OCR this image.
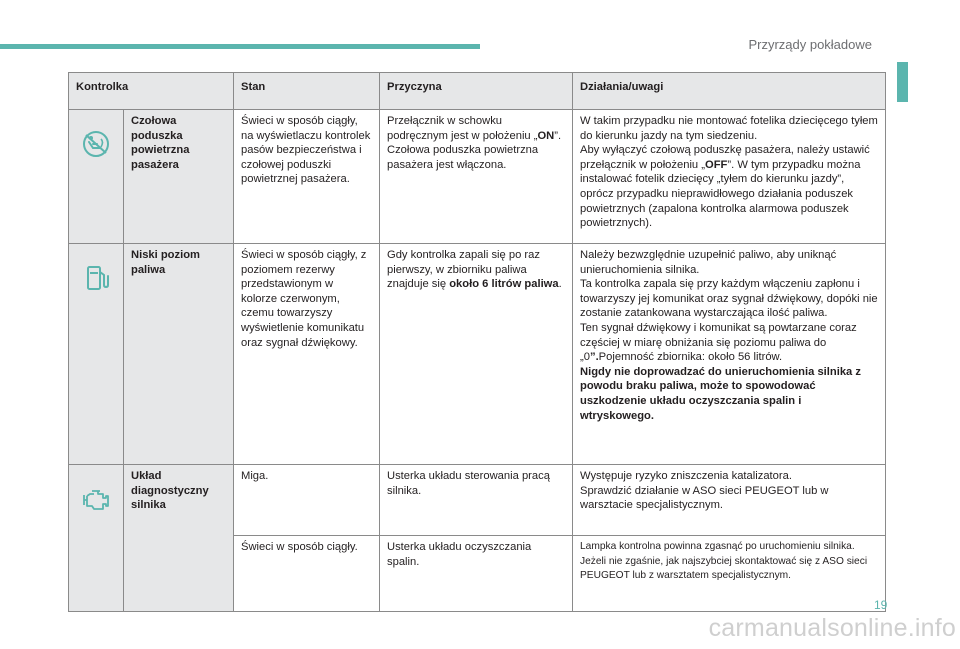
Przyrządy pokładowe
Kontrolka		Stan	Przyczyna	Działania/uwagi

	Czołowa poduszka powietrzna pasażera	Świeci w sposób ciągły, na wyświetlaczu kontrolek pasów bezpieczeństwa i czołowej poduszki powietrznej pasażera.	Przełącznik w schowku podręcznym jest w położeniu „ON”.
Czołowa poduszka powietrzna pasażera jest włączona.	W takim przypadku nie montować fotelika dziecięcego tyłem do kierunku jazdy na tym siedzeniu.
Aby wyłączyć czołową poduszkę pasażera, należy ustawić przełącznik w położeniu „OFF”. W tym przypadku można instalować fotelik dziecięcy „tyłem do kierunku jazdy”, oprócz przypadku nieprawidłowego działania poduszek powietrznych (zapalona kontrolka alarmowa poduszek powietrznych).

	Niski poziom paliwa	Świeci w sposób ciągły, z poziomem rezerwy przedstawionym w kolorze czerwonym, czemu towarzyszy wyświetlenie komunikatu oraz sygnał dźwiękowy.	Gdy kontrolka zapali się po raz pierwszy, w zbiorniku paliwa znajduje się około 6 litrów paliwa.	Należy bezwzględnie uzupełnić paliwo, aby uniknąć unieruchomienia silnika.
Ta kontrolka zapala się przy każdym włączeniu zapłonu i towarzyszy jej komunikat oraz sygnał dźwiękowy, dopóki nie zostanie zatankowana wystarczająca ilość paliwa.
Ten sygnał dźwiękowy i komunikat są powtarzane coraz częściej w miarę obniżania się poziomu paliwa do „0”.Pojemność zbiornika: około 56 litrów.
Nigdy nie doprowadzać do unieruchomienia silnika z powodu braku paliwa, może to spowodować uszkodzenie układu oczyszczania spalin i wtryskowego.

	Układ diagnostyczny silnika	Miga.	Usterka układu sterowania pracą silnika.	Występuje ryzyko zniszczenia katalizatora.
Sprawdzić działanie w ASO sieci PEUGEOT lub w warsztacie specjalistycznym.
		Świeci w sposób ciągły.	Usterka układu oczyszczania spalin.	Lampka kontrolna powinna zgasnąć po uruchomieniu silnika.
Jeżeli nie zgaśnie, jak najszybciej skontaktować się z ASO sieci PEUGEOT lub z warsztatem specjalistycznym.
19
carmanualsonline.info
